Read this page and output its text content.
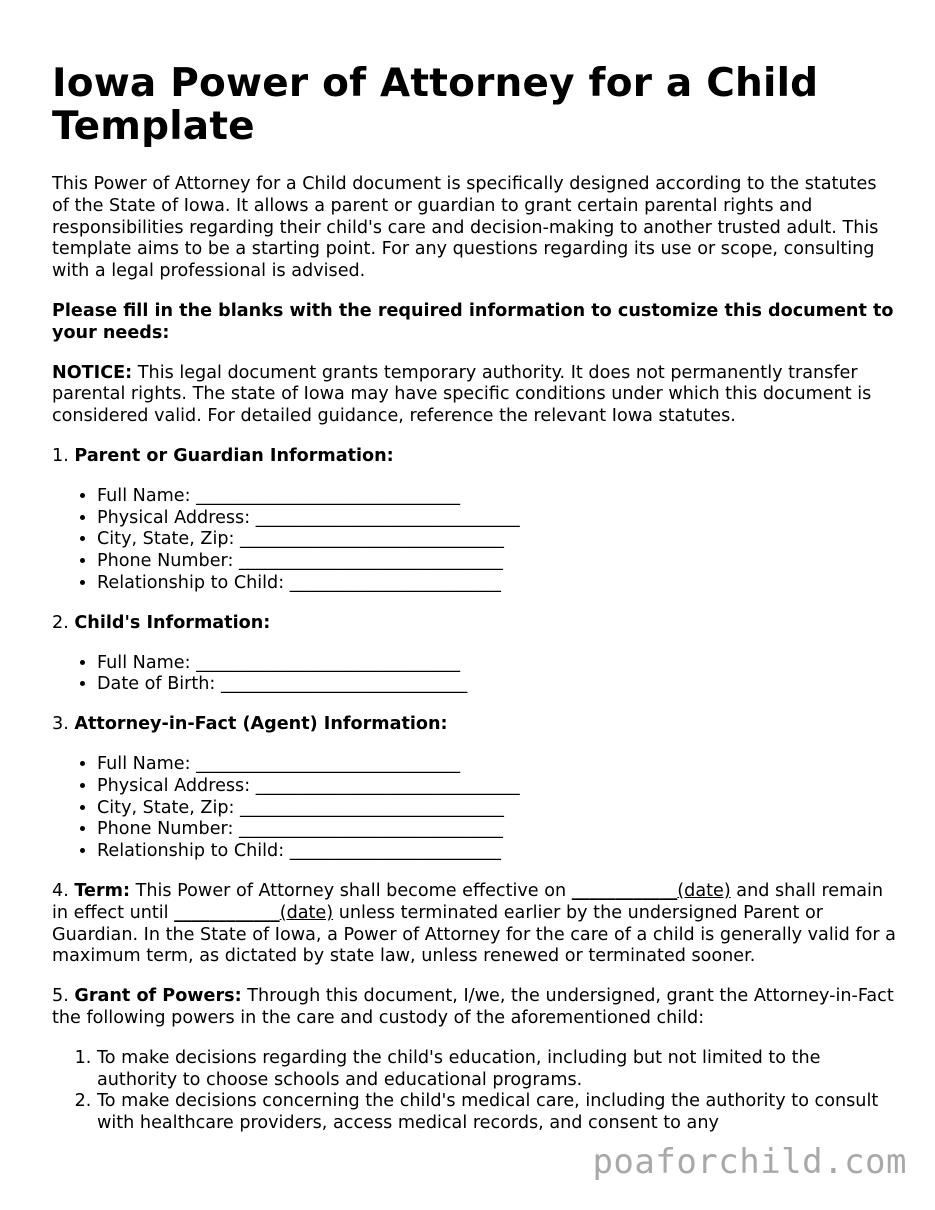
Iowa Power of Attorney for a Child Template

This Power of Attorney for a Child document is specifically designed according to the statutes of the State of Iowa. It allows a parent or guardian to grant certain parental rights and responsibilities regarding their child's care and decision-making to another trusted adult. This template aims to be a starting point. For any questions regarding its use or scope, consulting with a legal professional is advised.

Please fill in the blanks with the required information to customize this document to your needs:

NOTICE: This legal document grants temporary authority. It does not permanently transfer parental rights. The state of Iowa may have specific conditions under which this document is considered valid. For detailed guidance, reference the relevant Iowa statutes.

1. Parent or Guardian Information:
• Full Name: ______________________________
• Physical Address: ______________________________
• City, State, Zip: ______________________________
• Phone Number: ______________________________
• Relationship to Child: ________________________
2. Child's Information:
• Full Name: ______________________________
• Date of Birth: ____________________________
3. Attorney-in-Fact (Agent) Information:
• Full Name: ______________________________
• Physical Address: ______________________________
• City, State, Zip: ______________________________
• Phone Number: ______________________________
• Relationship to Child: ________________________

4. Term: This Power of Attorney shall become effective on ____________(date) and shall remain in effect until ____________(date) unless terminated earlier by the undersigned Parent or Guardian. In the State of Iowa, a Power of Attorney for the care of a child is generally valid for a maximum term, as dictated by state law, unless renewed or terminated sooner.

5. Grant of Powers: Through this document, I/we, the undersigned, grant the Attorney-in-Fact the following powers in the care and custody of the aforementioned child:

1. To make decisions regarding the child's education, including but not limited to the authority to choose schools and educational programs.
2. To make decisions concerning the child's medical care, including the authority to consult with healthcare providers, access medical records, and consent to any
poaforchild.com
